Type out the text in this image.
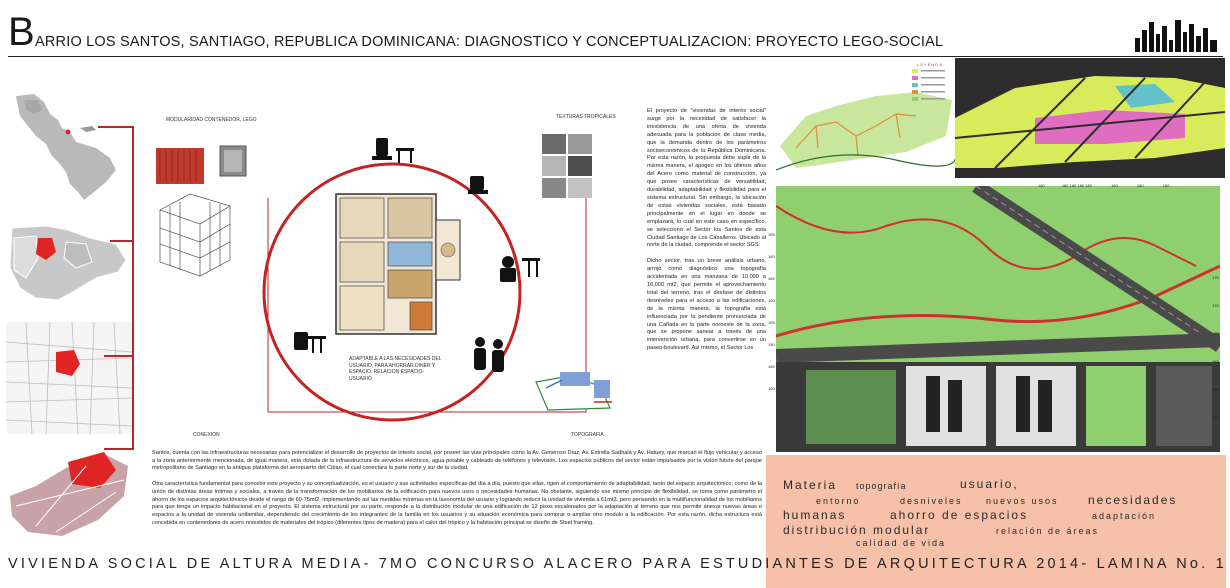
B ARRIO LOS SANTOS, SANTIAGO, REPUBLICA DOMINICANA: DIAGNOSTICO Y CONCEPTUALIZACION: PROYECTO LEGO-SOCIAL
MODULARIDAD CONTENEDOR, LEGO	TEXTURAS TROPICALES
ADAPTABLE A LAS NECESIDADES DEL USUARIO, PARA AHORRAR DINER Y ESPACIO. RELACION ESPACIO-USUARIO
CONEXION	TOPOGRAFIA

El proyecto de "viviendas de interés social" surge por la necesidad de satisfacer la inexistencia de una oferta de vivienda adecuada para la población de clase media, que la demanda dentro de los parámetros socioeconómicos de la República Dominicana. Por esta razón, la propuesta debe suplir de la misma manera, el apogeo en los últimos años del Acero como material de construcción, ya que posee características de versatilidad, durabilidad, adaptabilidad y flexibilidad para el sistema estructural. Sin embargo, la ubicación de estas viviendas sociales, está basado principalmente en el lugar en donde se emplazará, lo cual en este caso en específico, se seleccionó el Sector los Santos de esta Ciudad Santiago de Los Caballeros. Ubicado al norte de la ciudad, comprende el sector SGS.

Dicho sector, tras un breve análisis urbano, arrojó como diagnóstico una topografía accidentada en una manzana de 10,000 a 16,000 mt2, que permite el aprovechamiento total del terreno, tras el desfase de distintos desniveles para el acceso a las edificaciones, de la misma manera, la topografía está influenciada por la pendiente pronunciada de una Cañada en la parte noroeste de la zona, que se propone sanear a través de una intervención urbana, para convertirse en un paseo-boulevard. Así mismo, el Sector Los

Santos, cuenta con las infraestructuras necesarias para potencializar el desarrollo de proyectos de interés social, por poseer las vías principales como la Av. Generoso Díaz, Av. Estrella Sadhalá y Av. Hatuey, que marcan el flujo vehicular y acceso a la zona anteriormente mencionada, de igual manera, está dotada de la infraestructura de servicios eléctricos, agua potable y cableado de teléfonos y televisión. Los espacios públicos del sector están impulsados por la visión futura del parque metropolitano de Santiago en la antigua plataforma del aeropuerto del Cibao, el cual conectara la parte norte y sur de la ciudad.

Otra característica fundamental para concebir este proyecto y su conceptualización, es el usuario y sus actividades específicas del día a día, puesto que ellas, rigen el comportamiento de adaptabilidad, tanto del espacio arquitectónico, como de la unión de distintas áreas íntimas y sociales, a través de la transformación de los mobiliarios de la edificación para nuevos usos o necesidades humanas. No obstante, siguiendo ese mismo principio de flexibilidad, se toma como parámetro el ahorro de los espacios arquitectónicos desde el rango de 60-75mt2, implementando así las medidas mínimas en la taxonomía del usuario y logrando reducir la unidad de vivienda a 61mt2, pero pensando en la multifuncionalidad de los mobiliarios para que tenga un impacto habitacional en el proyecto. El sistema estructural por su parte, responde a la distribución modular de una edificación de 12 pisos escalonados por la adaptación al terreno que nos permite anexar nuevas áreas o espacios a la unidad de vivienda unifamiliar, dependiendo del crecimiento de los integrantes de la familia en los usuarios y su situación económica para comprar o ampliar otro modulo a la edificación. Por esta razón, dicha estructura está concebida en contenedores de acero revestidos de materiales del trópico (diferentes tipos de madera) para el calor del trópico y la habitación principal se diseño de Steel framing.

LEYENDA
180	180 180 180 180	180	180	180
155
160
165
160
155
150
165
160
170
170
170
165
160
160
Materia topografía	usuario,
entorno	desniveles	nuevos usos necesidades
humanas	ahorro de espacios	adaptación
distribución modular	relación de áreas
calidad de vida
VIVIENDA SOCIAL DE ALTURA MEDIA- 7MO CONCURSO ALACERO PARA ESTUDIANTES DE ARQUITECTURA 2014- LAMINA No. 1
